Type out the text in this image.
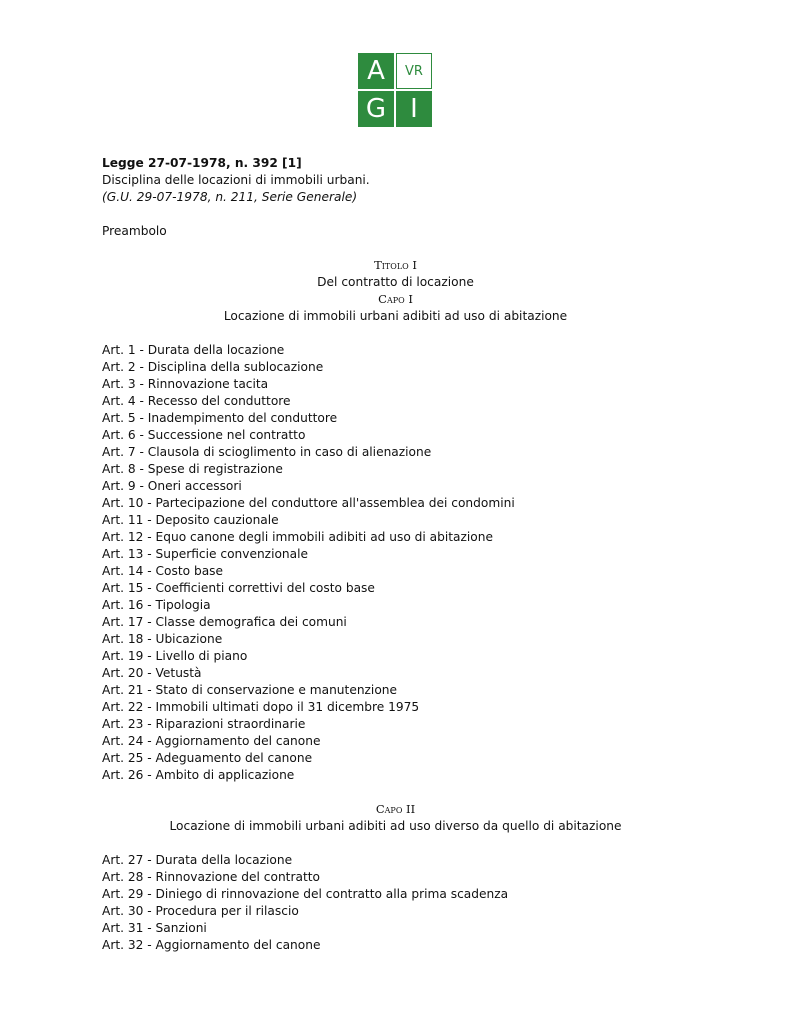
A	VR
G I
Legge 27-07-1978, n. 392 [1]
Disciplina delle locazioni di immobili urbani.
(G.U. 29-07-1978, n. 211, Serie Generale)
Preambolo
Titolo I
Del contratto di locazione
Capo I
Locazione di immobili urbani adibiti ad uso di abitazione
Art. 1 - Durata della locazione
Art. 2 - Disciplina della sublocazione
Art. 3 - Rinnovazione tacita
Art. 4 - Recesso del conduttore
Art. 5 - Inadempimento del conduttore
Art. 6 - Successione nel contratto
Art. 7 - Clausola di scioglimento in caso di alienazione
Art. 8 - Spese di registrazione
Art. 9 - Oneri accessori
Art. 10 - Partecipazione del conduttore all'assemblea dei condomini
Art. 11 - Deposito cauzionale
Art. 12 - Equo canone degli immobili adibiti ad uso di abitazione
Art. 13 - Superficie convenzionale
Art. 14 - Costo base
Art. 15 - Coefficienti correttivi del costo base
Art. 16 - Tipologia
Art. 17 - Classe demografica dei comuni
Art. 18 - Ubicazione
Art. 19 - Livello di piano
Art. 20 - Vetustà
Art. 21 - Stato di conservazione e manutenzione
Art. 22 - Immobili ultimati dopo il 31 dicembre 1975
Art. 23 - Riparazioni straordinarie
Art. 24 - Aggiornamento del canone
Art. 25 - Adeguamento del canone
Art. 26 - Ambito di applicazione
Capo II
Locazione di immobili urbani adibiti ad uso diverso da quello di abitazione
Art. 27 - Durata della locazione
Art. 28 - Rinnovazione del contratto
Art. 29 - Diniego di rinnovazione del contratto alla prima scadenza
Art. 30 - Procedura per il rilascio
Art. 31 - Sanzioni
Art. 32 - Aggiornamento del canone
